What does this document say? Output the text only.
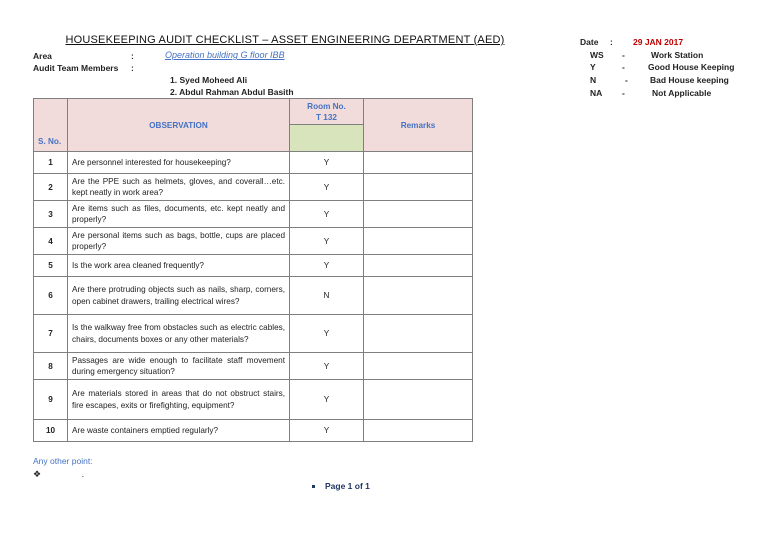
HOUSEKEEPING AUDIT CHECKLIST – ASSET ENGINEERING DEPARTMENT (AED)
Area	:	Operation building G floor IBB
Audit Team Members :
1. Syed Moheed Ali
2. Abdul Rahman Abdul Basith
Date : 29 JAN 2017
WS -	Work Station
Y	-	Good House Keeping
N	-	Bad House keeping
NA -	Not Applicable
S. No.	OBSERVATION	Room No.
T 132	Remarks

1	Are personnel interested for housekeeping?	Y	
2	Are the PPE such as helmets, gloves, and coverall…etc. kept neatly in work area?	Y	
3	Are items such as files, documents, etc. kept neatly and properly?	Y	
4	Are personal items such as bags, bottle, cups are placed properly?	Y	
5	Is the work area cleaned frequently?	Y	
6	Are there protruding objects such as nails, sharp, corners, open cabinet drawers, trailing electrical wires?	N	
7	Is the walkway free from obstacles such as electric cables, chairs, documents boxes or any other materials?	Y	
8	Passages are wide enough to facilitate staff movement during emergency situation?	Y	
9	Are materials stored in areas that do not obstruct stairs, fire escapes, exits or firefighting, equipment?	Y	
10	Are waste containers emptied regularly?	Y	
Any other point:
❖	.
Page 1 of 1
